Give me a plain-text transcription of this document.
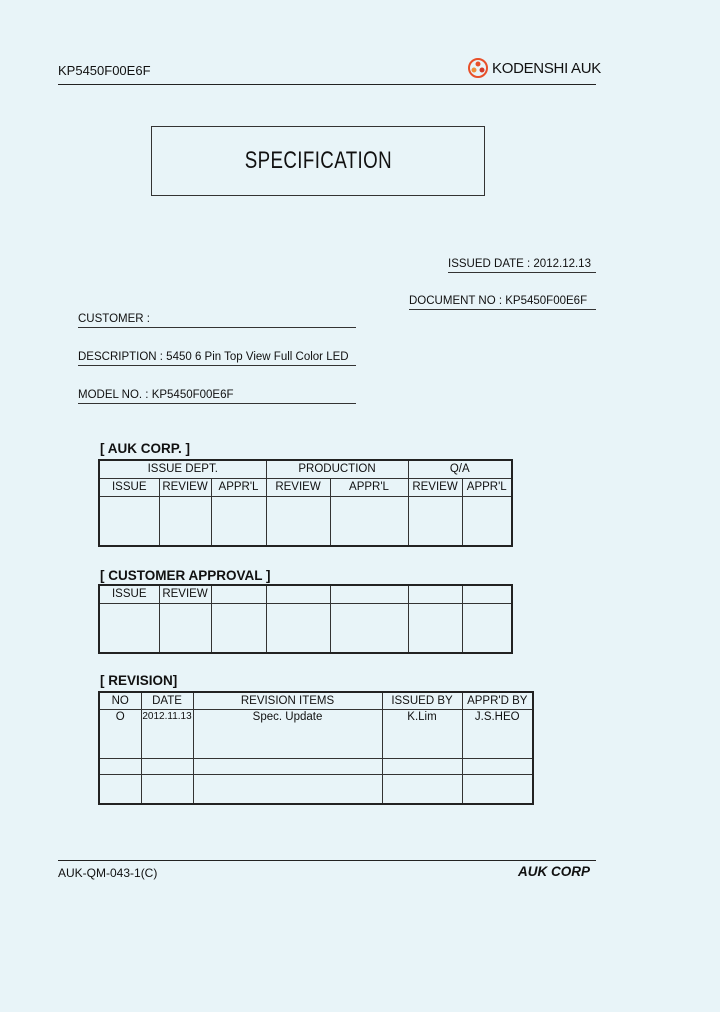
KP5450F00E6F	KODENSHI AUK
SPECIFICATION
ISSUED DATE : 2012.12.13
DOCUMENT NO : KP5450F00E6F
CUSTOMER :
DESCRIPTION : 5450 6 Pin Top View Full Color LED
MODEL NO. : KP5450F00E6F
[ AUK CORP. ]
ISSUE DEPT.			PRODUCTION		Q/A	
ISSUE	REVIEW	APPR'L	REVIEW	APPR'L	REVIEW	APPR'L

[ CUSTOMER APPROVAL ]
ISSUE	REVIEW					

[ REVISION]
NO	DATE	REVISION ITEMS	ISSUED BY	APPR'D BY
O	2012.11.13	Spec. Update	K.Lim	J.S.HEO

AUK-QM-043-1(C)	AUK CORP
